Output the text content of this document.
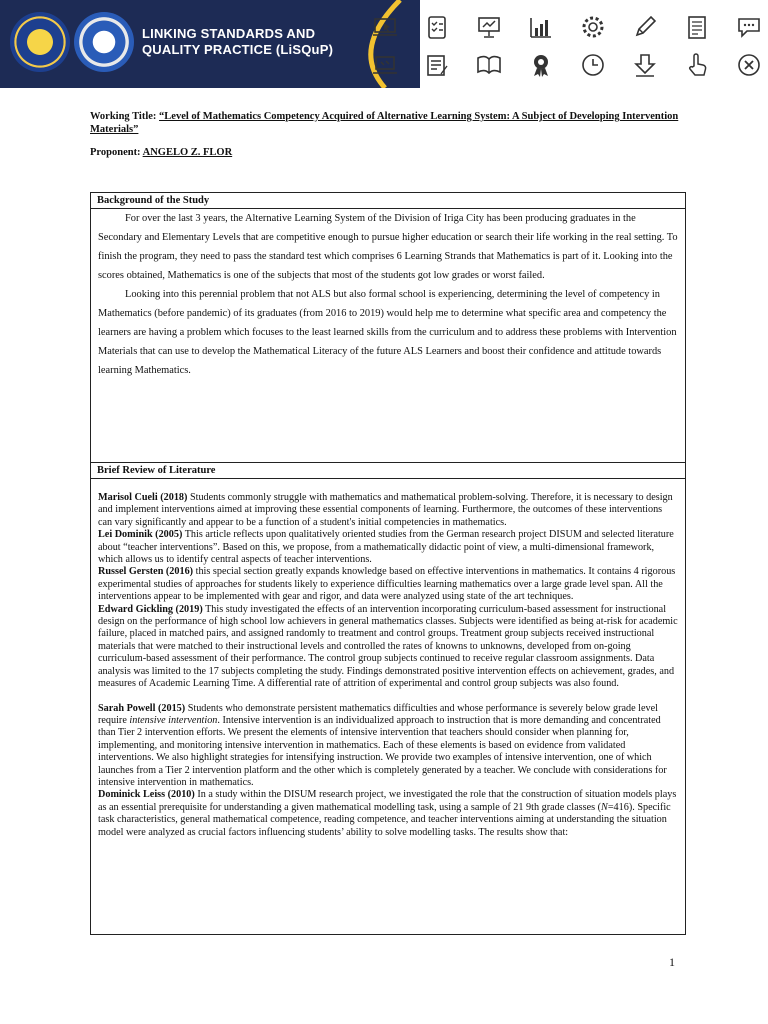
LINKING STANDARDS AND
QUALITY PRACTICE (LiSQuP)
Working Title: “Level of Mathematics Competency Acquired of Alternative Learning System: A Subject of Developing Intervention Materials”
Proponent: ANGELO Z. FLOR
Background of the Study

For over the last 3 years, the Alternative Learning System of the Division of Iriga City has been producing graduates in the Secondary and Elementary Levels that are competitive enough to pursue higher education or search their life working in the real setting. To finish the program, they need to pass the standard test which comprises 6 Learning Strands that Mathematics is part of it. Looking into the scores obtained, Mathematics is one of the subjects that most of the students got low grades or worst failed.

Looking into this perennial problem that not ALS but also formal school is experiencing, determining the level of competency in Mathematics (before pandemic) of its graduates (from 2016 to 2019) would help me to determine what specific area and competency the learners are having a problem which focuses to the least learned skills from the curriculum and to address these problems with Intervention Materials that can use to develop the Mathematical Literacy of the future ALS Learners and boost their confidence and attitude towards learning Mathematics.

Brief Review of Literature

Marisol Cueli (2018) Students commonly struggle with mathematics and mathematical problem-solving. Therefore, it is necessary to design and implement interventions aimed at improving these essential components of learning. Furthermore, the outcomes of these interventions can vary significantly and appear to be a function of a student's initial competencies in mathematics.

Lei Dominik (2005) This article reflects upon qualitatively oriented studies from the German research project DISUM and selected literature about “teacher interventions”. Based on this, we propose, from a mathematically didactic point of view, a multi-dimensional framework, which allows us to identify central aspects of teacher interventions.

Russel Gersten (2016) this special section greatly expands knowledge based on effective interventions in mathematics. It contains 4 rigorous experimental studies of approaches for students likely to experience difficulties learning mathematics over a large grade level span. All the interventions appear to be implemented with gear and rigor, and data were analyzed using state of the art techniques.

Edward Gickling (2019) This study investigated the effects of an intervention incorporating curriculum-based assessment for instructional design on the performance of high school low achievers in general mathematics classes. Subjects were identified as being at-risk for academic failure, placed in matched pairs, and assigned randomly to treatment and control groups. Treatment group subjects received instructional materials that were matched to their instructional levels and controlled the rates of knowns to unknowns, developed from on-going curriculum-based assessment of their performance. The control group subjects continued to receive regular classroom assignments. Data analysis was limited to the 17 subjects completing the study. Findings demonstrated positive intervention effects on achievement, grades, and measures of Academic Learning Time. A differential rate of attrition of experimental and control group subjects was also found.

Sarah Powell (2015) Students who demonstrate persistent mathematics difficulties and whose performance is severely below grade level require intensive intervention. Intensive intervention is an individualized approach to instruction that is more demanding and concentrated than Tier 2 intervention efforts. We present the elements of intensive intervention that teachers should consider when planning for, implementing, and monitoring intensive intervention in mathematics. Each of these elements is based on evidence from validated interventions. We also highlight strategies for intensifying instruction. We provide two examples of intensive intervention, one of which launches from a Tier 2 intervention platform and the other which is completely generated by a teacher. We conclude with considerations for intensive intervention in mathematics.

Dominick Leiss (2010) In a study within the DISUM research project, we investigated the role that the construction of situation models plays as an essential prerequisite for understanding a given mathematical modelling task, using a sample of 21 9th grade classes (N=416). Specific task characteristics, general mathematical competence, reading competence, and teacher interventions aiming at understanding the situation model were analyzed as crucial factors influencing students’ ability to solve modelling tasks. The results show that:

1
